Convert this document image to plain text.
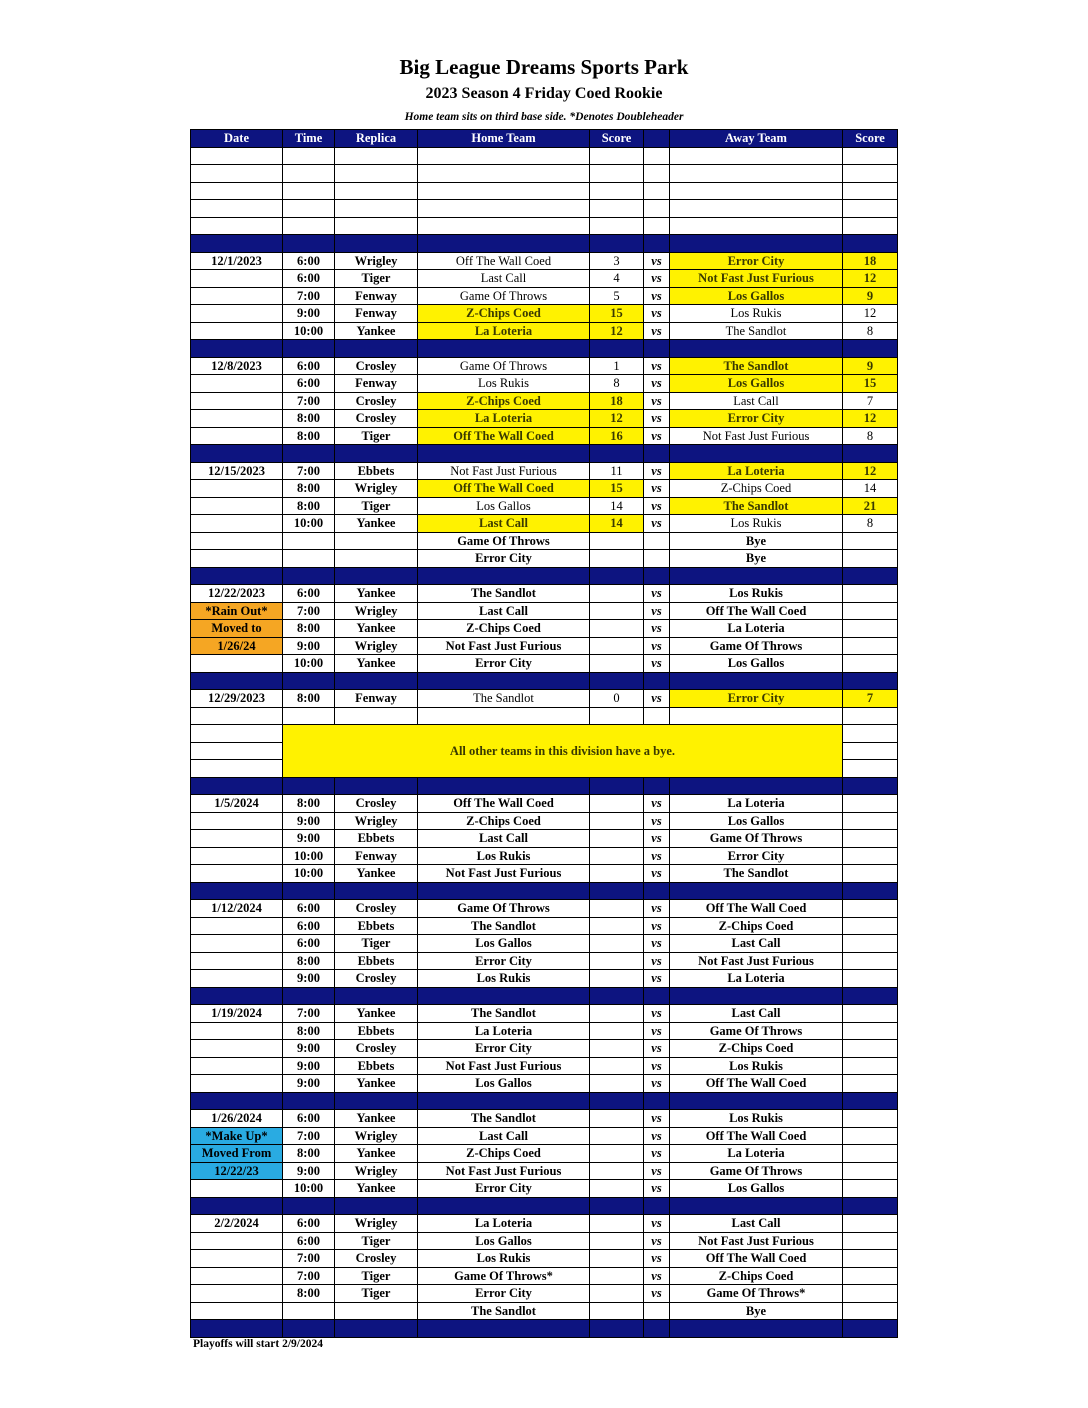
Big League Dreams Sports Park
2023 Season 4 Friday Coed Rookie
Home team sits on third base side. *Denotes Doubleheader
Date	Time	Replica	Home Team	Score		Away Team	Score

12/1/2023	6:00	Wrigley	Off The Wall Coed	3	vs	Error City	18
	6:00	Tiger	Last Call	4	vs	Not Fast Just Furious	12
	7:00	Fenway	Game Of Throws	5	vs	Los Gallos	9
	9:00	Fenway	Z-Chips Coed	15	vs	Los Rukis	12
	10:00	Yankee	La Loteria	12	vs	The Sandlot	8

12/8/2023	6:00	Crosley	Game Of Throws	1	vs	The Sandlot	9
	6:00	Fenway	Los Rukis	8	vs	Los Gallos	15
	7:00	Crosley	Z-Chips Coed	18	vs	Last Call	7
	8:00	Crosley	La Loteria	12	vs	Error City	12
	8:00	Tiger	Off The Wall Coed	16	vs	Not Fast Just Furious	8

12/15/2023	7:00	Ebbets	Not Fast Just Furious	11	vs	La Loteria	12
	8:00	Wrigley	Off The Wall Coed	15	vs	Z-Chips Coed	14
	8:00	Tiger	Los Gallos	14	vs	The Sandlot	21
	10:00	Yankee	Last Call	14	vs	Los Rukis	8
			Game Of Throws			Bye	
			Error City			Bye	

12/22/2023	6:00	Yankee	The Sandlot		vs	Los Rukis	
*Rain Out*	7:00	Wrigley	Last Call		vs	Off The Wall Coed	
Moved to	8:00	Yankee	Z-Chips Coed		vs	La Loteria	
1/26/24	9:00	Wrigley	Not Fast Just Furious		vs	Game Of Throws	
	10:00	Yankee	Error City		vs	Los Gallos	

12/29/2023	8:00	Fenway	The Sandlot	0	vs	Error City	7

	All other teams in this division have a bye.						

1/5/2024	8:00	Crosley	Off The Wall Coed		vs	La Loteria	
	9:00	Wrigley	Z-Chips Coed		vs	Los Gallos	
	9:00	Ebbets	Last Call		vs	Game Of Throws	
	10:00	Fenway	Los Rukis		vs	Error City	
	10:00	Yankee	Not Fast Just Furious		vs	The Sandlot	

1/12/2024	6:00	Crosley	Game Of Throws		vs	Off The Wall Coed	
	6:00	Ebbets	The Sandlot		vs	Z-Chips Coed	
	6:00	Tiger	Los Gallos		vs	Last Call	
	8:00	Ebbets	Error City		vs	Not Fast Just Furious	
	9:00	Crosley	Los Rukis		vs	La Loteria	

1/19/2024	7:00	Yankee	The Sandlot		vs	Last Call	
	8:00	Ebbets	La Loteria		vs	Game Of Throws	
	9:00	Crosley	Error City		vs	Z-Chips Coed	
	9:00	Ebbets	Not Fast Just Furious		vs	Los Rukis	
	9:00	Yankee	Los Gallos		vs	Off The Wall Coed	

1/26/2024	6:00	Yankee	The Sandlot		vs	Los Rukis	
*Make Up*	7:00	Wrigley	Last Call		vs	Off The Wall Coed	
Moved From	8:00	Yankee	Z-Chips Coed		vs	La Loteria	
12/22/23	9:00	Wrigley	Not Fast Just Furious		vs	Game Of Throws	
	10:00	Yankee	Error City		vs	Los Gallos	

2/2/2024	6:00	Wrigley	La Loteria		vs	Last Call	
	6:00	Tiger	Los Gallos		vs	Not Fast Just Furious	
	7:00	Crosley	Los Rukis		vs	Off The Wall Coed	
	7:00	Tiger	Game Of Throws*		vs	Z-Chips Coed	
	8:00	Tiger	Error City		vs	Game Of Throws*	
			The Sandlot			Bye	

Playoffs will start 2/9/2024
